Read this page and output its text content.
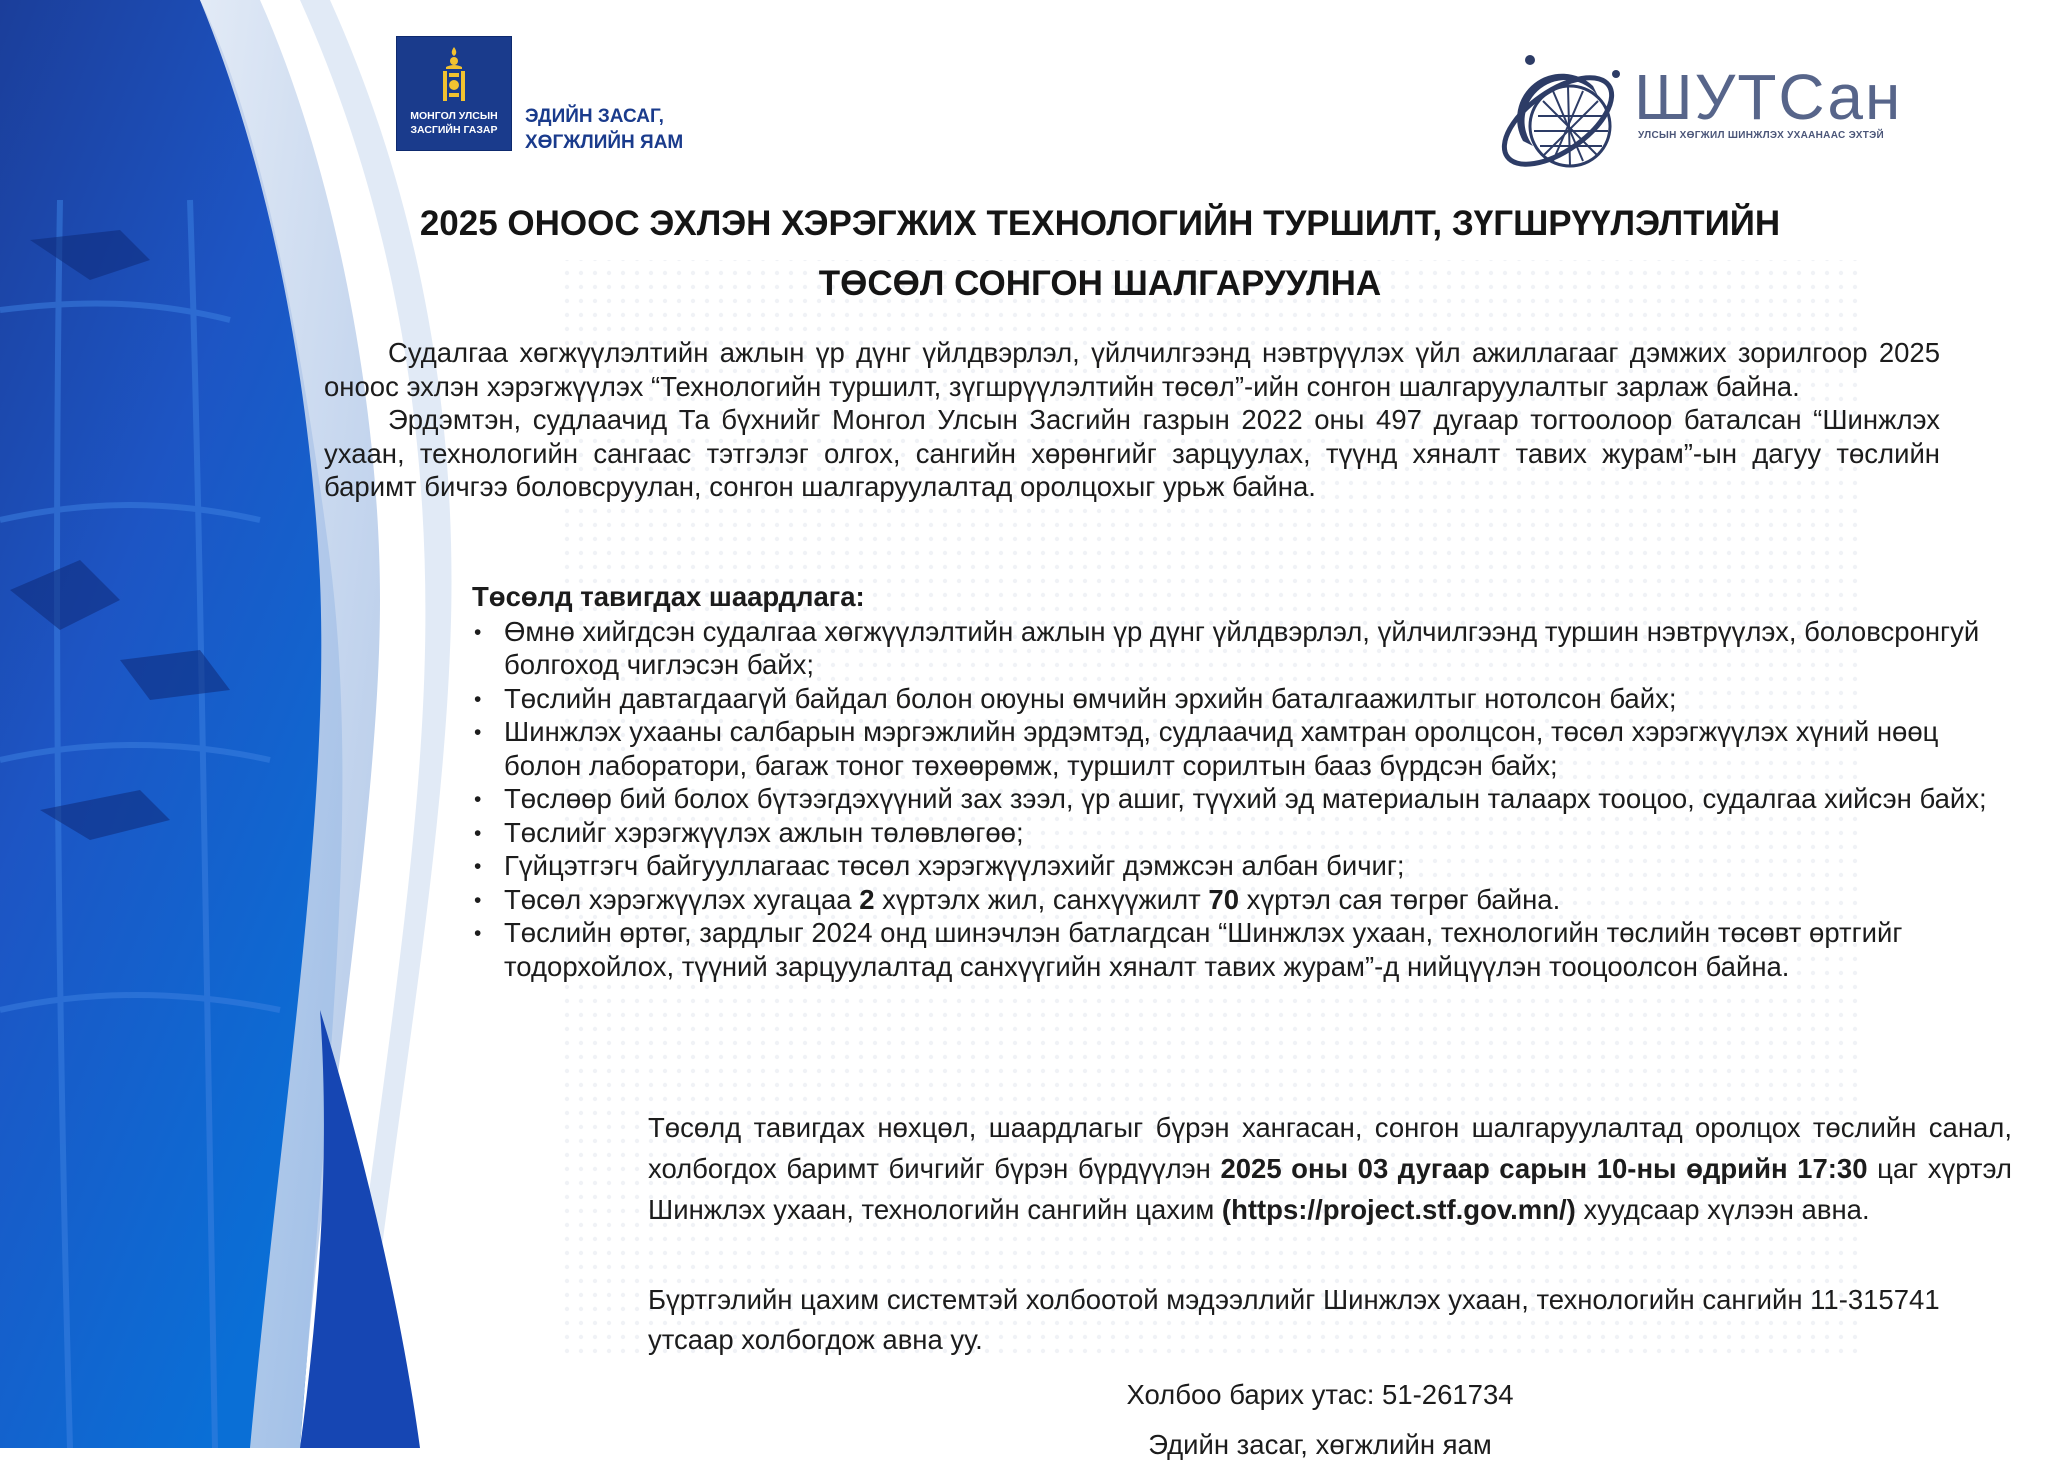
МОНГОЛ УЛСЫН
ЗАСГИЙН ГАЗАР
ЭДИЙН ЗАСАГ,
ХӨГЖЛИЙН ЯАМ
ШУТСан
УЛСЫН ХӨГЖИЛ ШИНЖЛЭХ УХААНААС ЭХТЭЙ
2025 ОНООС ЭХЛЭН ХЭРЭГЖИХ ТЕХНОЛОГИЙН ТУРШИЛТ, ЗҮГШРҮҮЛЭЛТИЙН
ТӨСӨЛ СОНГОН ШАЛГАРУУЛНА

Судалгаа хөгжүүлэлтийн ажлын үр дүнг үйлдвэрлэл, үйлчилгээнд нэвтрүүлэх үйл ажиллагааг дэмжих зорилгоор 2025 оноос эхлэн хэрэгжүүлэх “Технологийн туршилт, зүгшрүүлэлтийн төсөл”-ийн сонгон шалгаруулалтыг зарлаж байна.

Эрдэмтэн, судлаачид Та бүхнийг Монгол Улсын Засгийн газрын 2022 оны 497 дугаар тогтоолоор баталсан “Шинжлэх ухаан, технологийн сангаас тэтгэлэг олгох, сангийн хөрөнгийг зарцуулах, түүнд хяналт тавих журам”-ын дагуу төслийн баримт бичгээ боловсруулан, сонгон шалгаруулалтад оролцохыг урьж байна.

Төсөлд тавигдах шаардлага:
• Өмнө хийгдсэн судалгаа хөгжүүлэлтийн ажлын үр дүнг үйлдвэрлэл, үйлчилгээнд туршин нэвтрүүлэх, боловсронгуй болгоход чиглэсэн байх;
• Төслийн давтагдаагүй байдал болон оюуны өмчийн эрхийн баталгаажилтыг нотолсон байх;
• Шинжлэх ухааны салбарын мэргэжлийн эрдэмтэд, судлаачид хамтран оролцсон, төсөл хэрэгжүүлэх хүний нөөц болон лаборатори, багаж тоног төхөөрөмж, туршилт сорилтын бааз бүрдсэн байх;
• Төслөөр бий болох бүтээгдэхүүний зах зээл, үр ашиг, түүхий эд материалын талаарх тооцоо, судалгаа хийсэн байх;
• Төслийг хэрэгжүүлэх ажлын төлөвлөгөө;
• Гүйцэтгэгч байгууллагаас төсөл хэрэгжүүлэхийг дэмжсэн албан бичиг;
• Төсөл хэрэгжүүлэх хугацаа 2 хүртэлх жил, санхүүжилт 70 хүртэл сая төгрөг байна.
• Төслийн өртөг, зардлыг 2024 онд шинэчлэн батлагдсан “Шинжлэх ухаан, технологийн төслийн төсөвт өртгийг тодорхойлох, түүний зарцуулалтад санхүүгийн хяналт тавих журам”-д нийцүүлэн тооцоолсон байна.

Төсөлд тавигдах нөхцөл, шаардлагыг бүрэн хангасан, сонгон шалгаруулалтад оролцох төслийн санал, холбогдох баримт бичгийг бүрэн бүрдүүлэн 2025 оны 03 дугаар сарын 10-ны өдрийн 17:30 цаг хүртэл Шинжлэх ухаан, технологийн сангийн цахим (https://project.stf.gov.mn/) хуудсаар хүлээн авна.

Бүртгэлийн цахим системтэй холбоотой мэдээллийг Шинжлэх ухаан, технологийн сангийн 11-315741 утсаар холбогдож авна уу.

Холбоо барих утас: 51-261734

Эдийн засаг, хөгжлийн яам
